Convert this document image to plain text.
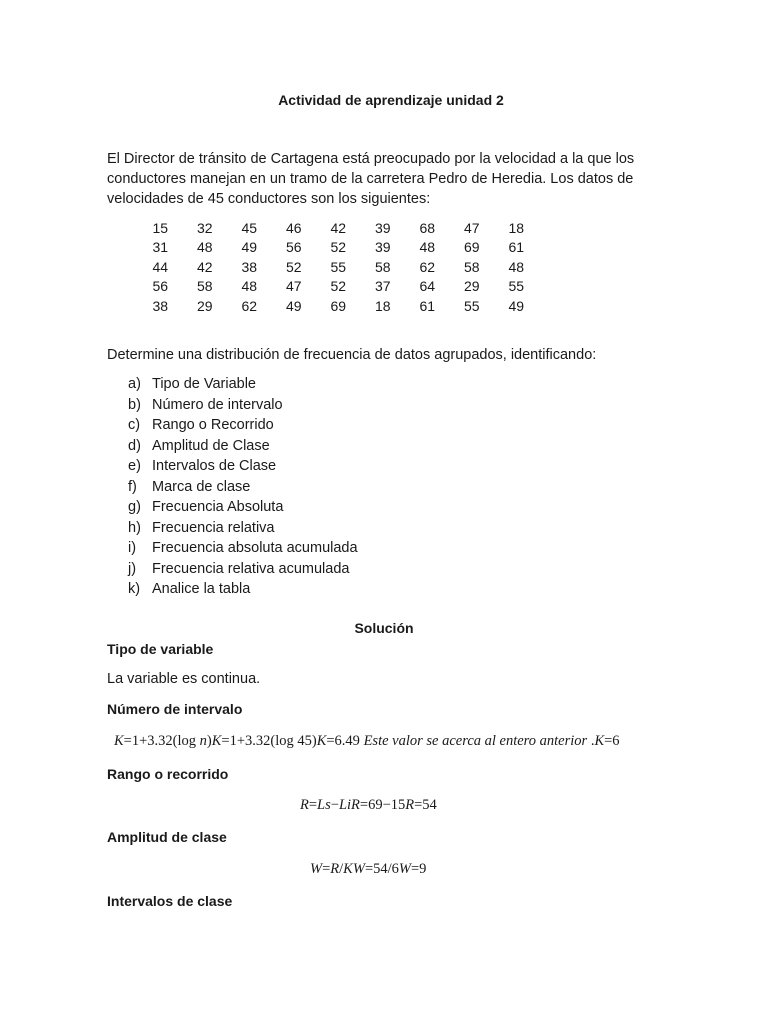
Actividad de aprendizaje unidad 2

El Director de tránsito de Cartagena está preocupado por la velocidad a la que los conductores manejan en un tramo de la carretera Pedro de Heredia. Los datos de velocidades de 45 conductores son los siguientes:

15	32	45	46	42	39	68	47	18
31	48	49	56	52	39	48	69	61
44	42	38	52	55	58	62	58	48
56	58	48	47	52	37	64	29	55
38	29	62	49	69	18	61	55	49
Determine una distribución de frecuencia de datos agrupados, identificando:
a) Tipo de Variable
b) Número de intervalo
c) Rango o Recorrido
d) Amplitud de Clase
e) Intervalos de Clase
f) Marca de clase
g) Frecuencia Absoluta
h) Frecuencia relativa
i) Frecuencia absoluta acumulada
j) Frecuencia relativa acumulada
k) Analice la tabla
Solución
Tipo de variable
La variable es continua.
Número de intervalo
K=1+3.32(log n)K=1+3.32(log 45)K=6.49 Este valor se acerca al entero anterior .K=6
Rango o recorrido
R=Ls−LiR=69−15R=54
Amplitud de clase
W=R/KW=54/6W=9
Intervalos de clase
